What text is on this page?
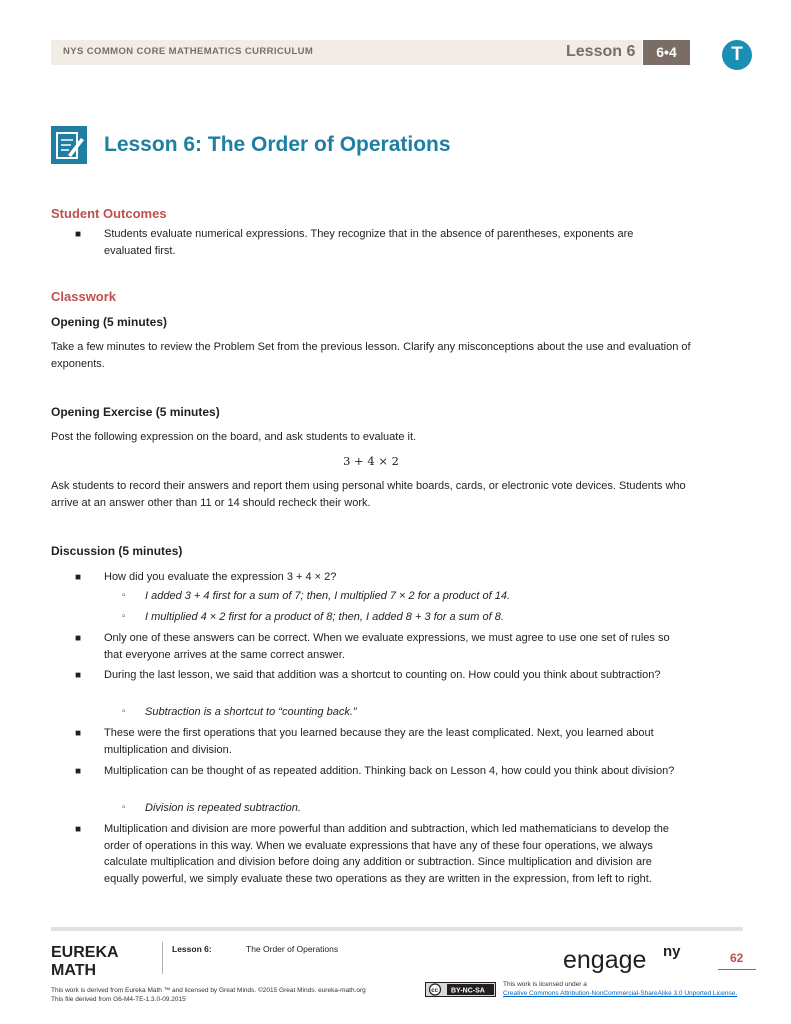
NYS COMMON CORE MATHEMATICS CURRICULUM	Lesson 6	6•4	T
Lesson 6: The Order of Operations
Student Outcomes
■ Students evaluate numerical expressions. They recognize that in the absence of parentheses, exponents are evaluated first.
Classwork
Opening (5 minutes)
Take a few minutes to review the Problem Set from the previous lesson. Clarify any misconceptions about the use and evaluation of exponents.
Opening Exercise (5 minutes)
Post the following expression on the board, and ask students to evaluate it.
3 + 4 × 2
Ask students to record their answers and report them using personal white boards, cards, or electronic vote devices. Students who arrive at an answer other than 11 or 14 should recheck their work.
Discussion (5 minutes)
■ How did you evaluate the expression 3 + 4 × 2?
▫ I added 3 + 4 first for a sum of 7; then, I multiplied 7 × 2 for a product of 14.
▫ I multiplied 4 × 2 first for a product of 8; then, I added 8 + 3 for a sum of 8.
■ Only one of these answers can be correct. When we evaluate expressions, we must agree to use one set of rules so that everyone arrives at the same correct answer.
■ During the last lesson, we said that addition was a shortcut to counting on. How could you think about subtraction?
▫ Subtraction is a shortcut to “counting back.”
■ These were the first operations that you learned because they are the least complicated. Next, you learned about multiplication and division.
■ Multiplication can be thought of as repeated addition. Thinking back on Lesson 4, how could you think about division?
▫ Division is repeated subtraction.
■ Multiplication and division are more powerful than addition and subtraction, which led mathematicians to develop the order of operations in this way. When we evaluate expressions that have any of these four operations, we always calculate multiplication and division before doing any addition or subtraction. Since multiplication and division are equally powerful, we simply evaluate these two operations as they are written in the expression, from left to right.
EUREKA
MATH
Lesson 6:	The Order of Operations	engage ny	62
This work is derived from Eureka Math ™ and licensed by Great Minds. ©2015 Great Minds. eureka-math.org
This file derived from G6-M4-TE-1.3.0-09.2015
cc BY-NC-SA
This work is licensed under a
Creative Commons Attribution-NonCommercial-ShareAlike 3.0 Unported License.
